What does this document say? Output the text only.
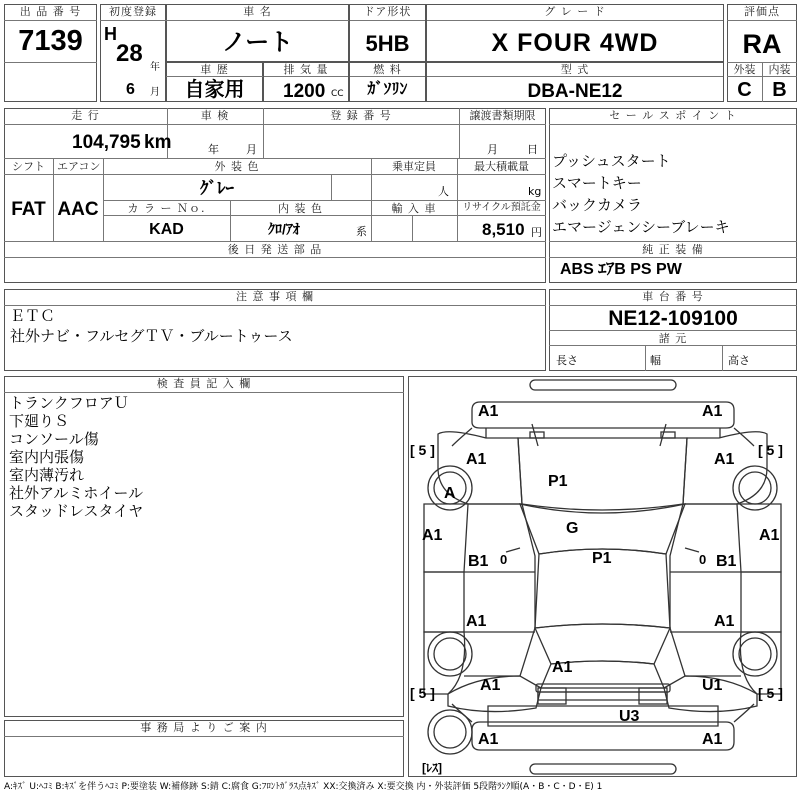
出 品 番 号
7139
初度登録
H
28
年
6 月
車 名
ノート
ドア形状
5HB
グ レ ー ド
X FOUR 4WD
車 歴
自家用
排 気 量
1200 CC
燃 料
ｶﾞｿﾘﾝ
型 式
DBA-NE12
評価点
RA
外装	内装
C	B
走 行
104,795 km
車 検
年 月
登 録 番 号	譲渡書類期限
月	日
シフト エアコン
FAT AAC
外 装 色
ｸﾞﾚｰ
乗車定員
人
最大積載量
kg
カ ラ ー Ｎｏ.
KAD
内 装 色
ｸﾛ/ｱｵ	系
輸 入 車	リサイクル預託金
8,510 円
後 日 発 送 部 品
セ ー ル ス ポ イ ン ト
プッシュスタート
スマートキー
バックカメラ
エマージェンシーブレーキ
純 正 装 備
ABS ｴｱB PS PW
注 意 事 項 欄
ＥＴＣ
社外ナビ・フルセグＴＶ・ブルートゥース
車 台 番 号
NE12-109100
諸 元
長さ	幅	高さ
検 査 員 記 入 欄
トランクフロアＵ
下廻りＳ
コンソール傷
室内内張傷
室内薄汚れ
社外アルミホイール
スタッドレスタイヤ
事 務 局 よ り ご 案 内
A1	A1
A1	A1
P1
A
G
A1	A1
B1	P1	B1
A1	A1
A1
A1	U1
U3
A1	A1
[ 5 ]	[ 5 ]
[ 5 ]	[ 5 ]
[ﾚｽ]
0	0
A:ｷｽﾞ U:ﾍｺﾐ B:ｷｽﾞを伴うﾍｺﾐ P:要塗装 W:補修跡 S:錆 C:腐食 G:ﾌﾛﾝﾄｶﾞﾗｽ点ｷｽﾞ XX:交換済み X:要交換 内・外装評価 5段階ﾗﾝｸ順(A・B・C・D・E) 1
